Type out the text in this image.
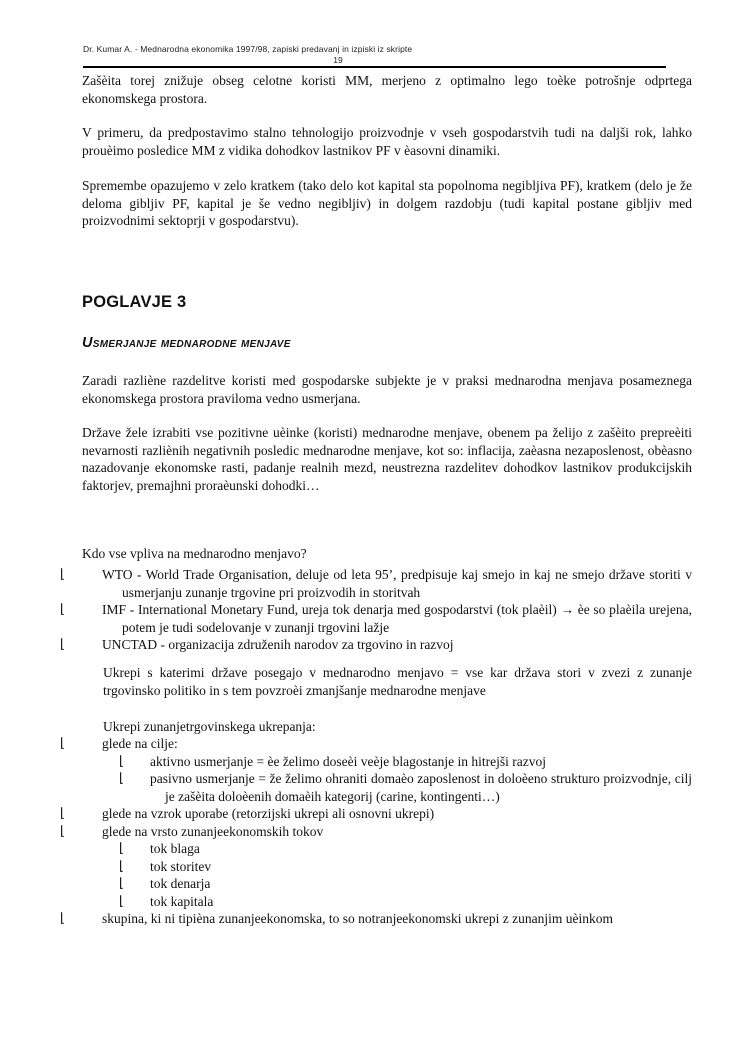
Dr. Kumar A. - Mednarodna ekonomika 1997/98, zapiski predavanj in izpiski iz skripte
19

Zašèita torej znižuje obseg celotne koristi MM, merjeno z optimalno lego toèke potrošnje odprtega ekonomskega prostora.

V primeru, da predpostavimo stalno tehnologijo proizvodnje v vseh gospodarstvih tudi na daljši rok, lahko prouèimo posledice MM z vidika dohodkov lastnikov PF v èasovni dinamiki.

Spremembe opazujemo v zelo kratkem (tako delo kot kapital sta popolnoma negibljiva PF), kratkem (delo je že deloma gibljiv PF, kapital je še vedno negibljiv) in dolgem razdobju (tudi kapital postane gibljiv med proizvodnimi sektoprji v gospodarstvu).

POGLAVJE 3
Usmerjanje mednarodne menjave

Zaradi razliène razdelitve koristi med gospodarske subjekte je v praksi mednarodna menjava posameznega ekonomskega prostora praviloma vedno usmerjana.

Države žele izrabiti vse pozitivne uèinke (koristi) mednarodne menjave, obenem pa želijo z zašèito prepreèiti nevarnosti razliènih negativnih posledic mednarodne menjave, kot so: inflacija, zaèasna nezaposlenost, obèasno nazadovanje ekonomske rasti, padanje realnih mezd, neustrezna razdelitev dohodkov lastnikov produkcijskih faktorjev, premajhni proraèunski dohodki…

Kdo vse vpliva na mednarodno menjavo?

⌊	WTO - World Trade Organisation, deluje od leta 95’, predpisuje kaj smejo in kaj ne smejo države storiti v usmerjanju zunanje trgovine pri proizvodih in storitvah
⌊	IMF - International Monetary Fund, ureja tok denarja med gospodarstvi (tok plaèil) → èe so plaèila urejena, potem je tudi sodelovanje v zunanji trgovini lažje
⌊	UNCTAD - organizacija združenih narodov za trgovino in razvoj

Ukrepi s katerimi države posegajo v mednarodno menjavo = vse kar država stori v zvezi z zunanje trgovinsko politiko in s tem povzroèi zmanjšanje mednarodne menjave

Ukrepi zunanjetrgovinskega ukrepanja:

⌊	glede na cilje:
⌊	aktivno usmerjanje = èe želimo doseèi veèje blagostanje in hitrejši razvoj
⌊	pasivno usmerjanje = že želimo ohraniti domaèo zaposlenost in doloèeno strukturo proizvodnje, cilj je zašèita doloèenih domaèih kategorij (carine, kontingenti…)
⌊	glede na vzrok uporabe (retorzijski ukrepi ali osnovni ukrepi)
⌊	glede na vrsto zunanjeekonomskih tokov
⌊	tok blaga
⌊	tok storitev
⌊	tok denarja
⌊	tok kapitala
⌊	skupina, ki ni tipièna zunanjeekonomska, to so notranjeekonomski ukrepi z zunanjim uèinkom
